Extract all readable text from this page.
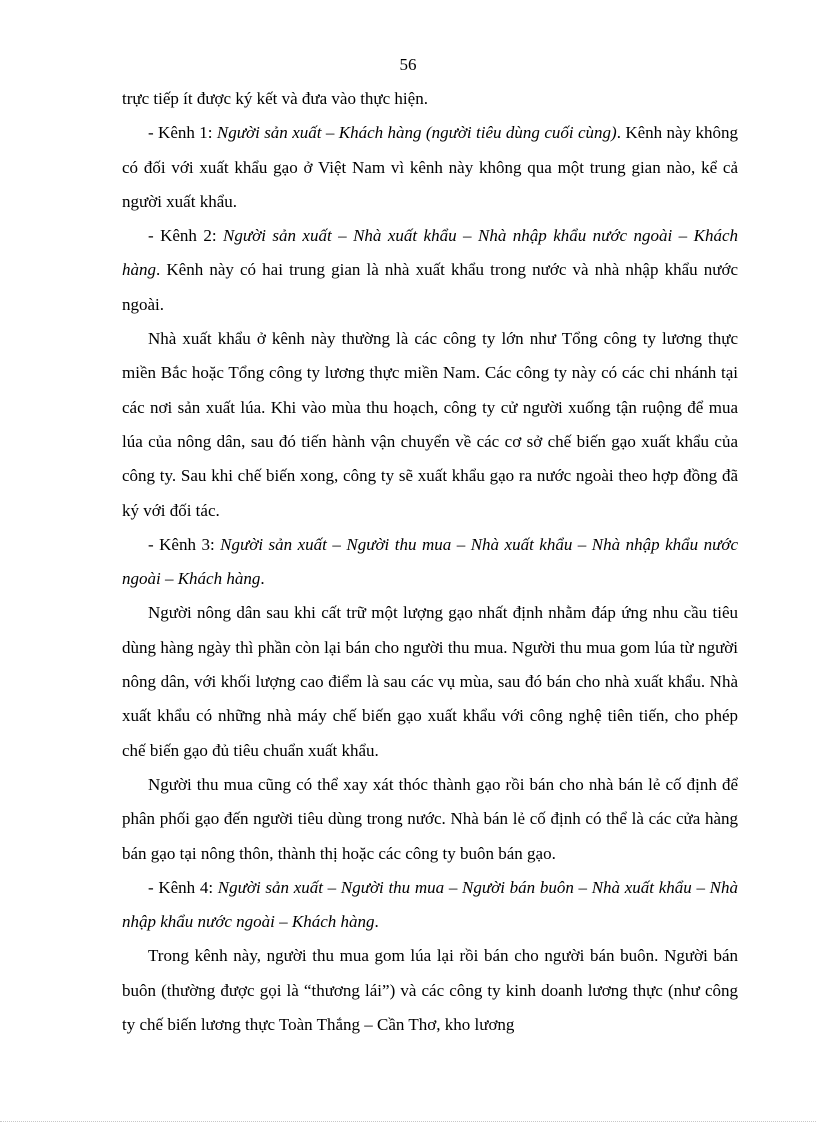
56

trực tiếp ít được ký kết và đưa vào thực hiện.

- Kênh 1: Người sản xuất – Khách hàng (người tiêu dùng cuối cùng). Kênh này không có đối với xuất khẩu gạo ở Việt Nam vì kênh này không qua một trung gian nào, kể cả người xuất khẩu.

- Kênh 2: Người sản xuất – Nhà xuất khẩu – Nhà nhập khẩu nước ngoài – Khách hàng. Kênh này có hai trung gian là nhà xuất khẩu trong nước và nhà nhập khẩu nước ngoài.

Nhà xuất khẩu ở kênh này thường là các công ty lớn như Tổng công ty lương thực miền Bắc hoặc Tổng công ty lương thực miền Nam. Các công ty này có các chi nhánh tại các nơi sản xuất lúa. Khi vào mùa thu hoạch, công ty cử người xuống tận ruộng để mua lúa của nông dân, sau đó tiến hành vận chuyển về các cơ sở chế biến gạo xuất khẩu của công ty. Sau khi chế biến xong, công ty sẽ xuất khẩu gạo ra nước ngoài theo hợp đồng đã ký với đối tác.

- Kênh 3: Người sản xuất – Người thu mua – Nhà xuất khẩu – Nhà nhập khẩu nước ngoài – Khách hàng.

Người nông dân sau khi cất trữ một lượng gạo nhất định nhằm đáp ứng nhu cầu tiêu dùng hàng ngày thì phần còn lại bán cho người thu mua. Người thu mua gom lúa từ người nông dân, với khối lượng cao điểm là sau các vụ mùa, sau đó bán cho nhà xuất khẩu. Nhà xuất khẩu có những nhà máy chế biến gạo xuất khẩu với công nghệ tiên tiến, cho phép chế biến gạo đủ tiêu chuẩn xuất khẩu.

Người thu mua cũng có thể xay xát thóc thành gạo rồi bán cho nhà bán lẻ cố định để phân phối gạo đến người tiêu dùng trong nước. Nhà bán lẻ cố định có thể là các cửa hàng bán gạo tại nông thôn, thành thị hoặc các công ty buôn bán gạo.

- Kênh 4: Người sản xuất – Người thu mua – Người bán buôn – Nhà xuất khẩu – Nhà nhập khẩu nước ngoài – Khách hàng.

Trong kênh này, người thu mua gom lúa lại rồi bán cho người bán buôn. Người bán buôn (thường được gọi là “thương lái”) và các công ty kinh doanh lương thực (như công ty chế biến lương thực Toàn Thắng – Cần Thơ, kho lương
